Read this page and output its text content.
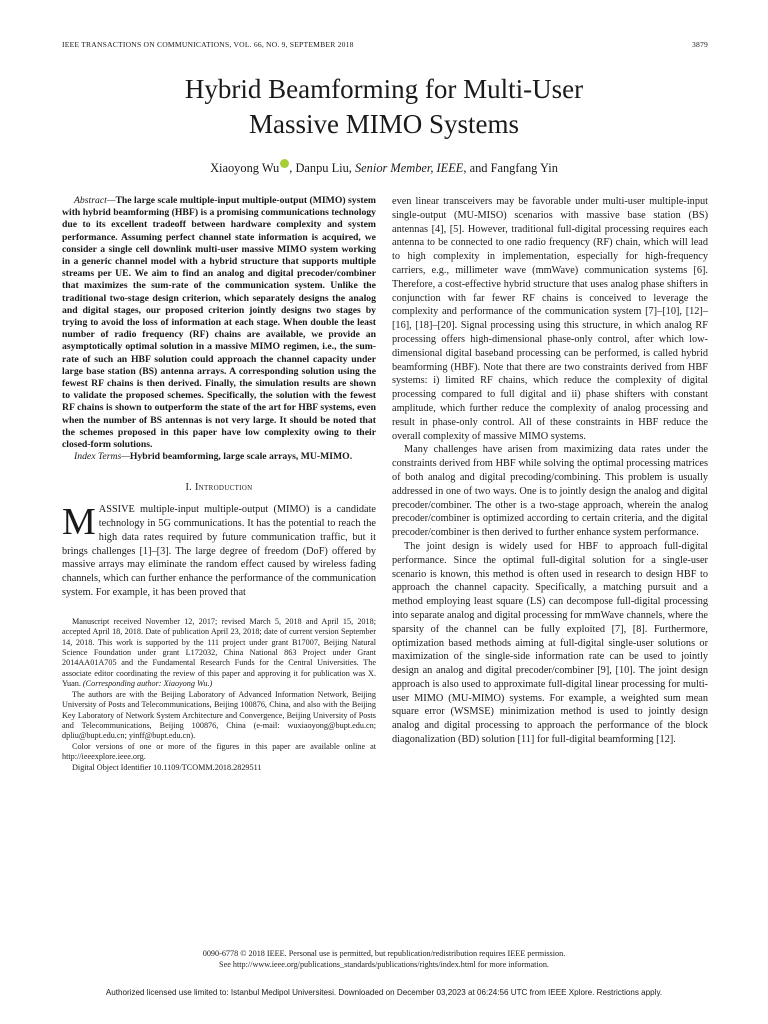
IEEE TRANSACTIONS ON COMMUNICATIONS, VOL. 66, NO. 9, SEPTEMBER 2018	3879
Hybrid Beamforming for Multi-User
Massive MIMO Systems
Xiaoyong Wu , Danpu Liu, Senior Member, IEEE, and Fangfang Yin

Abstract—The large scale multiple-input multiple-output (MIMO) system with hybrid beamforming (HBF) is a promising communications technology due to its excellent tradeoff between hardware complexity and system performance. Assuming perfect channel state information is acquired, we consider a single cell downlink multi-user massive MIMO system working in a generic channel model with a hybrid structure that supports multiple streams per UE. We aim to find an analog and digital precoder/combiner that maximizes the sum-rate of the communication system. Unlike the traditional two-stage design criterion, which separately designs the analog and digital stages, our proposed criterion jointly designs two stages by trying to avoid the loss of information at each stage. When double the least number of radio frequency (RF) chains are available, we provide an asymptotically optimal solution in a massive MIMO regimen, i.e., the sum-rate of such an HBF solution could approach the channel capacity under large base station (BS) antenna arrays. A corresponding solution using the fewest RF chains is then derived. Finally, the simulation results are shown to validate the proposed schemes. Specifically, the solution with the fewest RF chains is shown to outperform the state of the art for HBF systems, even when the number of BS antennas is not very large. It should be noted that the schemes proposed in this paper have low complexity owing to their closed-form solutions.

Index Terms—Hybrid beamforming, large scale arrays, MU-MIMO.

I. Introduction

MASSIVE multiple-input multiple-output (MIMO) is a candidate technology in 5G communications. It has the potential to reach the high data rates required by future communication traffic, but it brings challenges [1]–[3]. The large degree of freedom (DoF) offered by massive arrays may eliminate the random effect caused by wireless fading channels, which can further enhance the performance of the communication system. For example, it has been proved that

Manuscript received November 12, 2017; revised March 5, 2018 and April 15, 2018; accepted April 18, 2018. Date of publication April 23, 2018; date of current version September 14, 2018. This work is supported by the 111 project under grant B17007, Beijing Natural Science Foundation under grant L172032, China National 863 Project under Grant 2014AA01A705 and the Fundamental Research Funds for the Central Universities. The associate editor coordinating the review of this paper and approving it for publication was X. Yuan. (Corresponding author: Xiaoyong Wu.)

The authors are with the Beijing Laboratory of Advanced Information Network, Beijing University of Posts and Telecommunications, Beijing 100876, China, and also with the Beijing Key Laboratory of Network System Architecture and Convergence, Beijing University of Posts and Telecommunications, Beijing 100876, China (e-mail: wuxiaoyong@bupt.edu.cn; dpliu@bupt.edu.cn; yinff@bupt.edu.cn).

Color versions of one or more of the figures in this paper are available online at http://ieeexplore.ieee.org.

Digital Object Identifier 10.1109/TCOMM.2018.2829511

even linear transceivers may be favorable under multi-user multiple-input single-output (MU-MISO) scenarios with massive base station (BS) antennas [4], [5]. However, traditional full-digital processing requires each antenna to be connected to one radio frequency (RF) chain, which will lead to high complexity in implementation, especially for high-frequency carriers, e.g., millimeter wave (mmWave) communication systems [6]. Therefore, a cost-effective hybrid structure that uses analog phase shifters in conjunction with far fewer RF chains is conceived to leverage the complexity and performance of the communication system [7]–[10], [12]–[16], [18]–[20]. Signal processing using this structure, in which analog RF processing offers high-dimensional phase-only control, after which low-dimensional digital baseband processing can be performed, is called hybrid beamforming (HBF). Note that there are two constraints derived from HBF systems: i) limited RF chains, which reduce the complexity of digital processing compared to full digital and ii) phase shifters with constant amplitude, which further reduce the complexity of analog processing and result in phase-only control. All of these constraints in HBF reduce the overall complexity of massive MIMO systems.

Many challenges have arisen from maximizing data rates under the constraints derived from HBF while solving the optimal processing matrices of both analog and digital precoding/combining. This problem is usually addressed in one of two ways. One is to jointly design the analog and digital precoder/combiner. The other is a two-stage approach, wherein the analog precoder/combiner is optimized according to certain criteria, and the digital precoder/combiner is then derived to further enhance system performance.

The joint design is widely used for HBF to approach full-digital performance. Since the optimal full-digital solution for a single-user scenario is known, this method is often used in research to design HBF to approach the channel capacity. Specifically, a matching pursuit and a method employing least square (LS) can decompose full-digital processing into separate analog and digital processing for mmWave channels, where the sparsity of the channel can be fully exploited [7], [8]. Furthermore, optimization based methods aiming at full-digital single-user solutions or maximization of the single-side information rate can be used to jointly design an analog and digital precoder/combiner [9], [10]. The joint design approach is also used to approximate full-digital linear processing for multi-user MIMO (MU-MIMO) systems. For example, a weighted sum mean square error (WSMSE) minimization method is used to jointly design analog and digital processing to approach the performance of the block diagonalization (BD) solution [11] for full-digital beamforming [12].

0090-6778 © 2018 IEEE. Personal use is permitted, but republication/redistribution requires IEEE permission.
See http://www.ieee.org/publications_standards/publications/rights/index.html for more information.
Authorized licensed use limited to: Istanbul Medipol Universitesi. Downloaded on December 03,2023 at 06:24:56 UTC from IEEE Xplore. Restrictions apply.
